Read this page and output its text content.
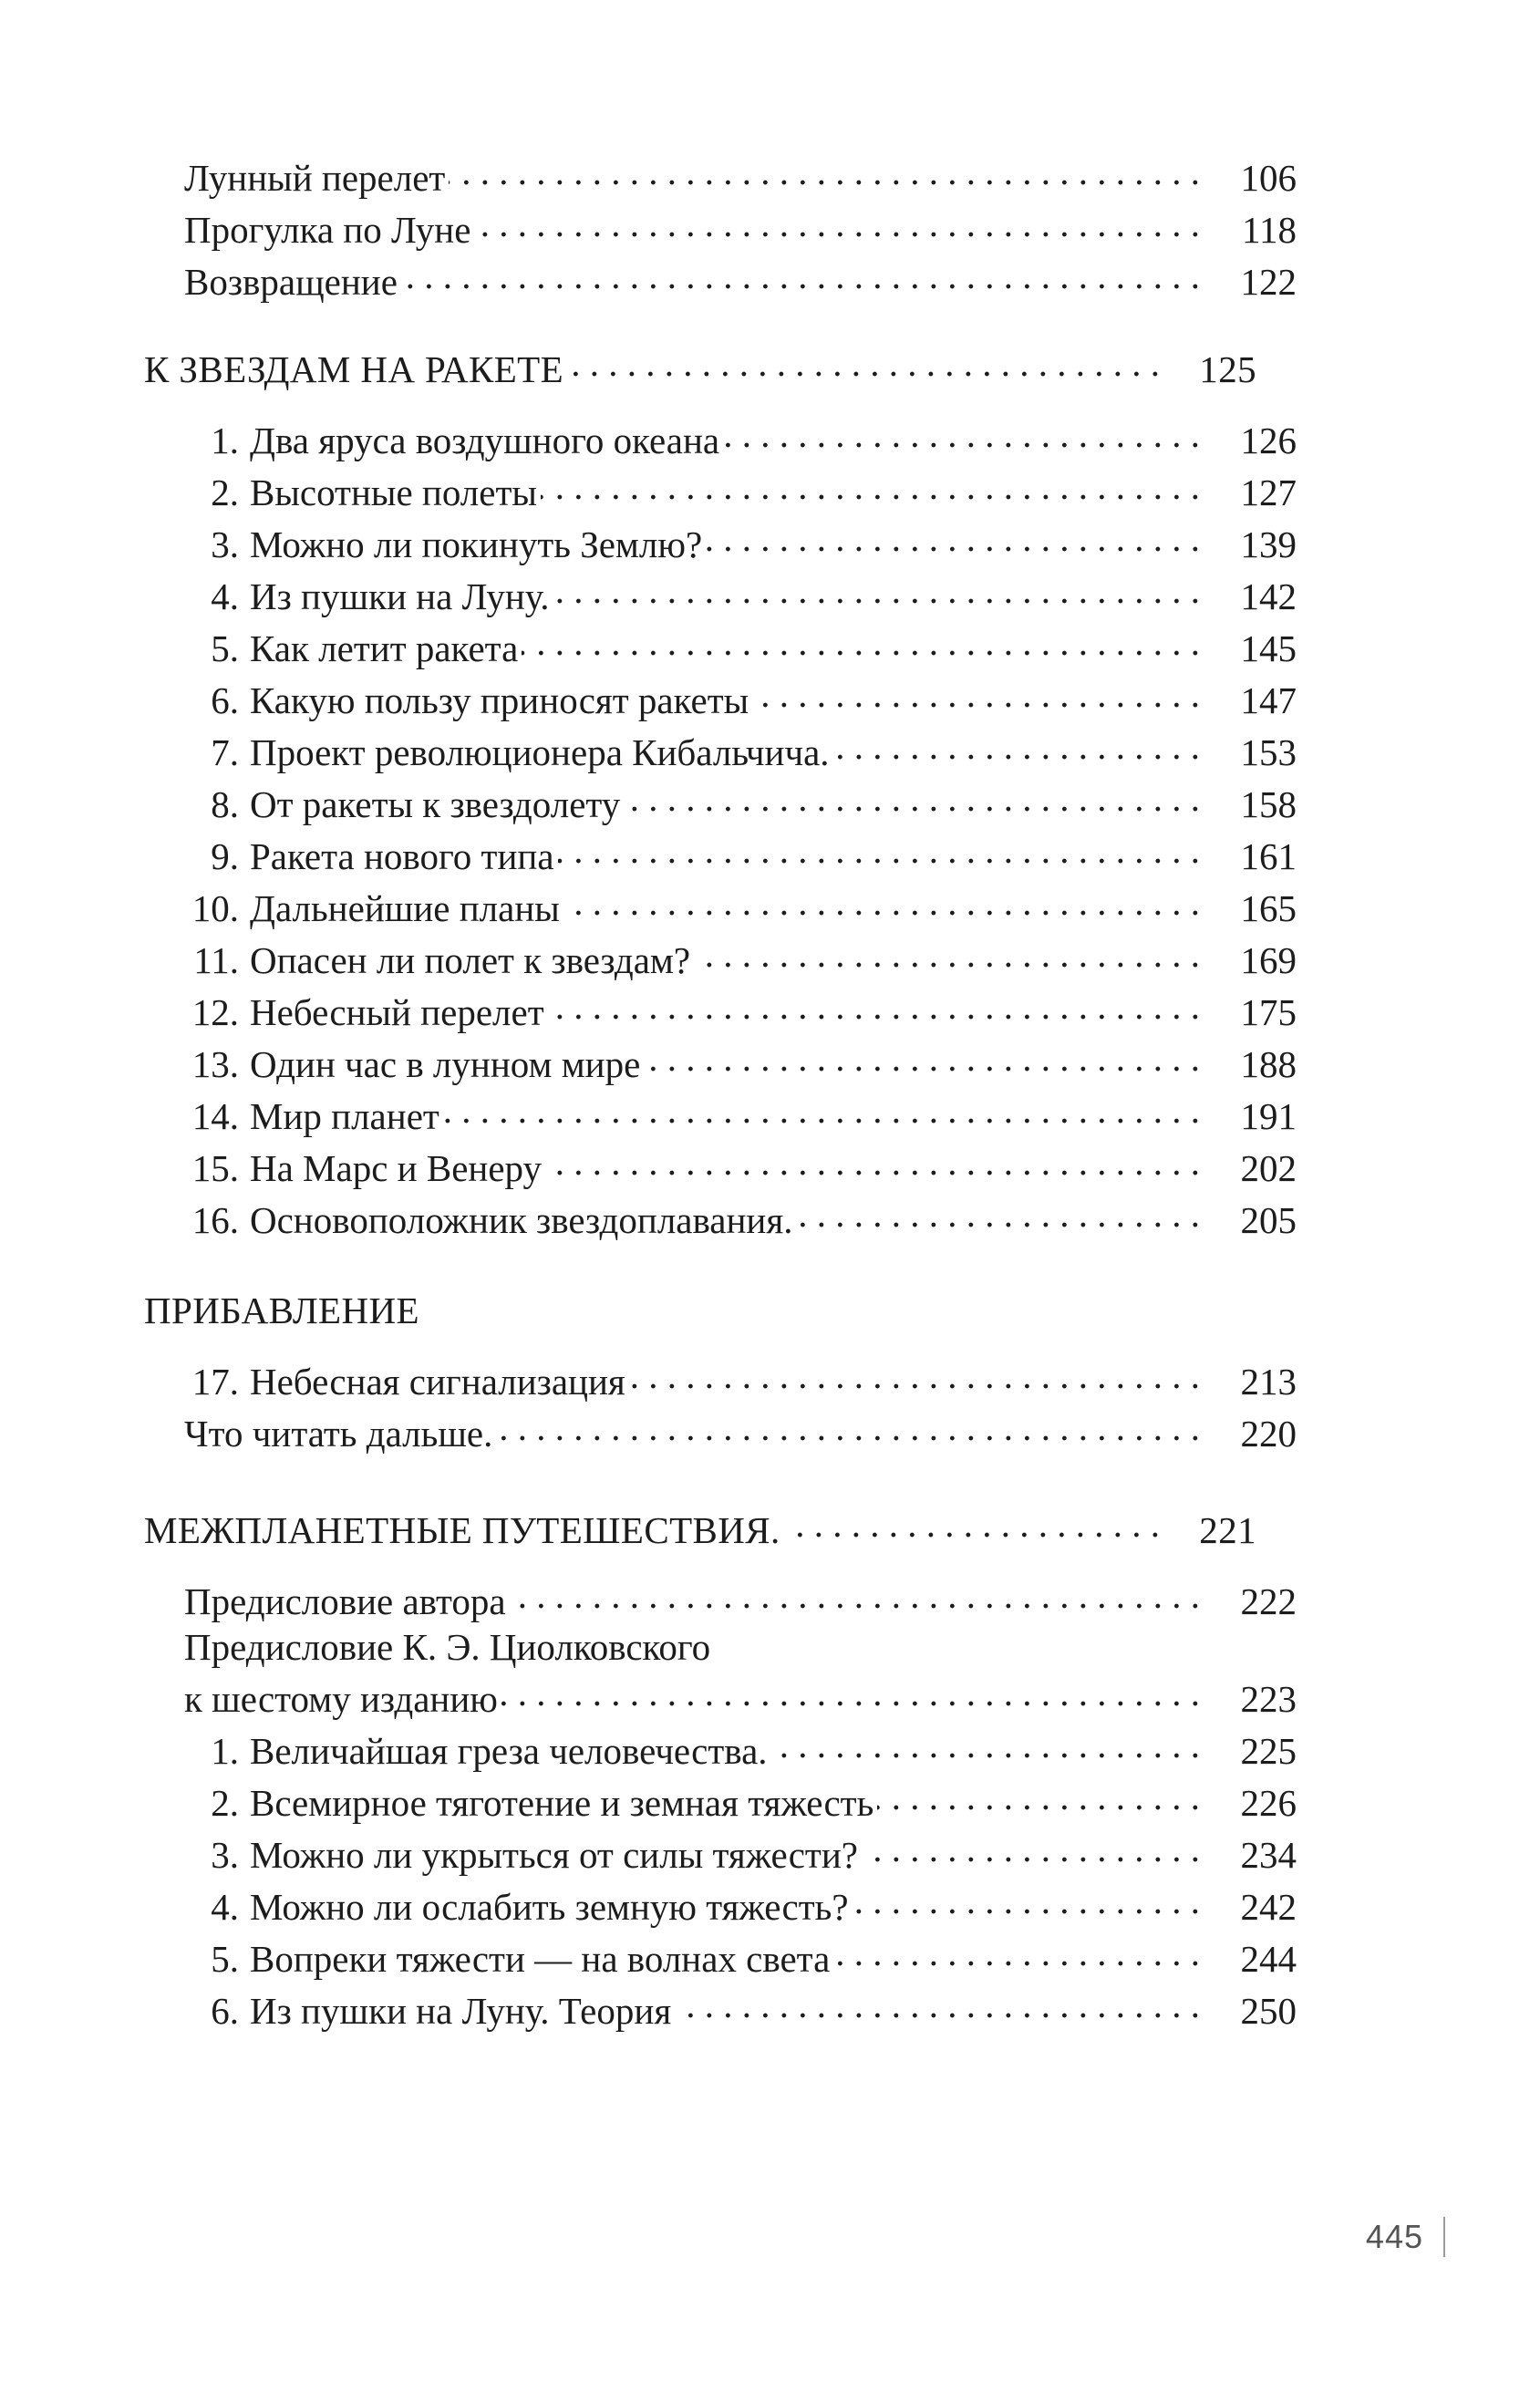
Лунный перелет . . .	106
Прогулка по Луне . . .	118
Возвращение . . .	122
К ЗВЕЗДАМ НА РАКЕТЕ . . .	125
1. Два яруса воздушного океана . . .	126
2. Высотные полеты . . .	127
3. Можно ли покинуть Землю? . . .	139
4. Из пушки на Луну. . . .	142
5. Как летит ракета . . .	145
6. Какую пользу приносят ракеты . . .	147
7. Проект революционера Кибальчича. . . .	153
8. От ракеты к звездолету . . .	158
9. Ракета нового типа . . .	161
10. Дальнейшие планы . . .	165
11. Опасен ли полет к звездам? . . .	169
12. Небесный перелет . . .	175
13. Один час в лунном мире . . .	188
14. Мир планет . . .	191
15. На Марс и Венеру . . .	202
16. Основоположник звездоплавания. . . .	205
ПРИБАВЛЕНИЕ
17. Небесная сигнализация . . .	213
Что читать дальше. . . .	220
МЕЖПЛАНЕТНЫЕ ПУТЕШЕСТВИЯ. . . .	221
Предисловие автора . . .	222
Предисловие К. Э. Циолковского
к шестому изданию . . .	223
1. Величайшая греза человечества. . . .	225
2. Всемирное тяготение и земная тяжесть . . .	226
3. Можно ли укрыться от силы тяжести? . . .	234
4. Можно ли ослабить земную тяжесть? . . .	242
5. Вопреки тяжести — на волнах света . . .	244
6. Из пушки на Луну. Теория . . .	250
445
